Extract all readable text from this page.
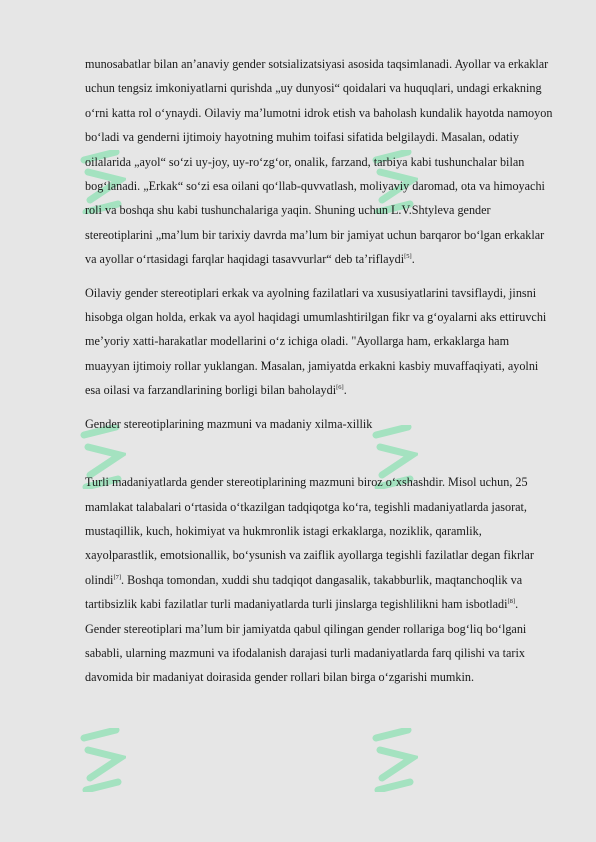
munosabatlar bilan an’anaviy gender sotsializatsiyasi asosida taqsimlanadi. Ayollar va erkaklar uchun tengsiz imkoniyatlarni qurishda „uy dunyosi“ qoidalari va huquqlari, undagi erkakning o‘rni katta rol o‘ynaydi. Oilaviy ma’lumotni idrok etish va baholash kundalik hayotda namoyon bo‘ladi va genderni ijtimoiy hayotning muhim toifasi sifatida belgilaydi. Masalan, odatiy oilalarida „ayol“ so‘zi uy-joy, uy-ro‘zg‘or, onalik, farzand, tarbiya kabi tushunchalar bilan bog‘lanadi. „Erkak“ so‘zi esa oilani qo‘llab-quvvatlash, moliyaviy daromad, ota va himoyachi roli va boshqa shu kabi tushunchalariga yaqin. Shuning uchun L.V.Shtyleva gender stereotiplarini „ma’lum bir tarixiy davrda ma’lum bir jamiyat uchun barqaror bo‘lgan erkaklar va ayollar o‘rtasidagi farqlar haqidagi tasavvurlar“ deb ta’riflaydi[5].

Oilaviy gender stereotiplari erkak va ayolning fazilatlari va xususiyatlarini tavsiflaydi, jinsni hisobga olgan holda, erkak va ayol haqidagi umumlashtirilgan fikr va g‘oyalarni aks ettiruvchi me’yoriy xatti-harakatlar modellarini o‘z ichiga oladi. "Ayollarga ham, erkaklarga ham muayyan ijtimoiy rollar yuklangan. Masalan, jamiyatda erkakni kasbiy muvaffaqiyati, ayolni esa oilasi va farzandlarining borligi bilan baholaydi[6].

Gender stereotiplarining mazmuni va madaniy xilma-xillik

Turli madaniyatlarda gender stereotiplarining mazmuni biroz o‘xshashdir. Misol uchun, 25 mamlakat talabalari o‘rtasida o‘tkazilgan tadqiqotga ko‘ra, tegishli madaniyatlarda jasorat, mustaqillik, kuch, hokimiyat va hukmronlik istagi erkaklarga, noziklik, qaramlik, xayolparastlik, emotsionallik, bo‘ysunish va zaiflik ayollarga tegishli fazilatlar degan fikrlar olindi[7]. Boshqa tomondan, xuddi shu tadqiqot dangasalik, takabburlik, maqtanchoqlik va tartibsizlik kabi fazilatlar turli madaniyatlarda turli jinslarga tegishlilikni ham isbotladi[8]. Gender stereotiplari ma’lum bir jamiyatda qabul qilingan gender rollariga bog‘liq bo‘lgani sababli, ularning mazmuni va ifodalanish darajasi turli madaniyatlarda farq qilishi va tarix davomida bir madaniyat doirasida gender rollari bilan birga o‘zgarishi mumkin.
